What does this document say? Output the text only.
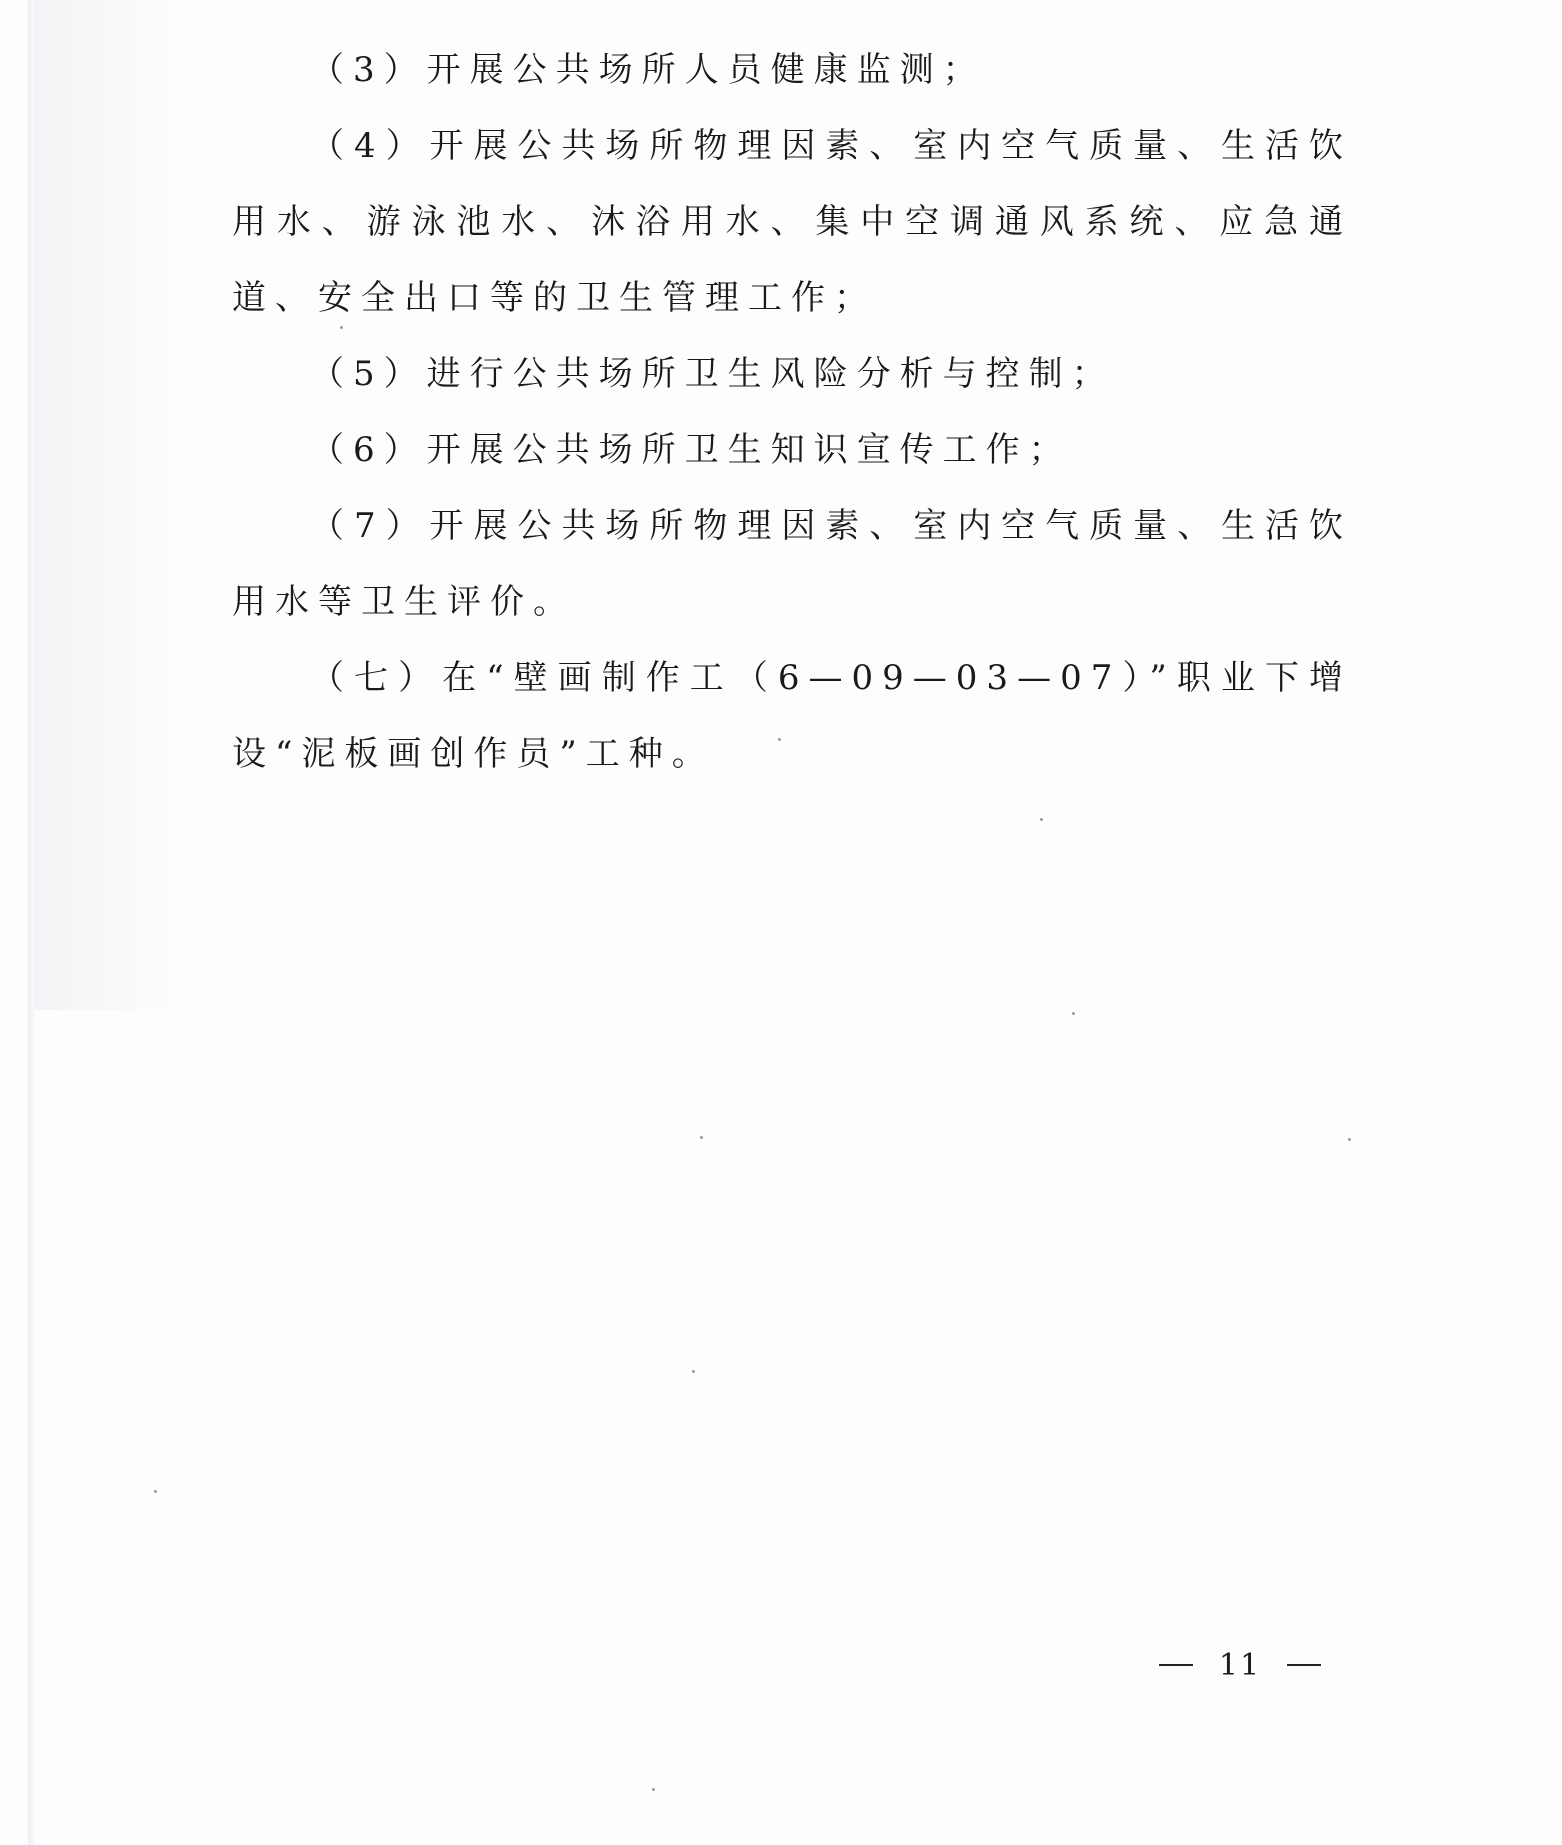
（3）开展公共场所人员健康监测；

（4）开展公共场所物理因素、室内空气质量、生活饮用水、游泳池水、沐浴用水、集中空调通风系统、应急通道、安全出口等的卫生管理工作；

（5）进行公共场所卫生风险分析与控制；

（6）开展公共场所卫生知识宣传工作；

（7）开展公共场所物理因素、室内空气质量、生活饮用水等卫生评价。

（七）在“壁画制作工（6—09—03—07）”职业下增设“泥板画创作员”工种。

11
